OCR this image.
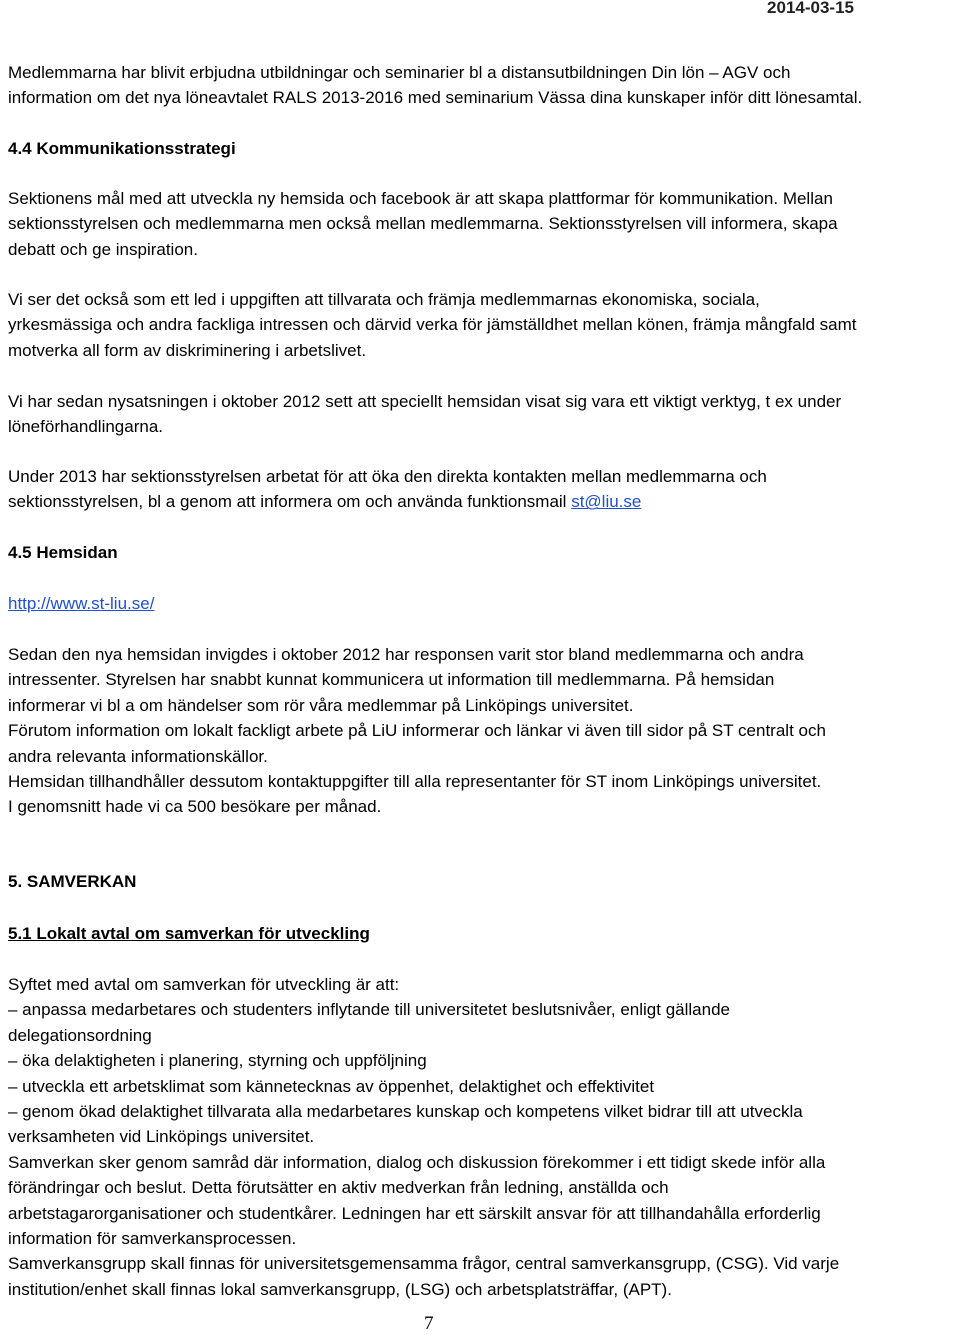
2014-03-15

Medlemmarna har blivit erbjudna utbildningar och seminarier bl a distansutbildningen Din lön – AGV och
information om det nya löneavtalet RALS 2013-2016 med seminarium Vässa dina kunskaper inför ditt lönesamtal.

4.4 Kommunikationsstrategi

Sektionens mål med att utveckla ny hemsida och facebook är att skapa plattformar för kommunikation. Mellan
sektionsstyrelsen och medlemmarna men också mellan medlemmarna. Sektionsstyrelsen vill informera, skapa
debatt och ge inspiration.

Vi ser det också som ett led i uppgiften att tillvarata och främja medlemmarnas ekonomiska, sociala,
yrkesmässiga och andra fackliga intressen och därvid verka för jämställdhet mellan könen, främja mångfald samt
motverka all form av diskriminering i arbetslivet.

Vi har sedan nysatsningen i oktober 2012 sett att speciellt hemsidan visat sig vara ett viktigt verktyg, t ex under
löneförhandlingarna.

Under 2013 har sektionsstyrelsen arbetat för att öka den direkta kontakten mellan medlemmarna och
sektionsstyrelsen, bl a genom att informera om och använda funktionsmail st@liu.se

4.5 Hemsidan

http://www.st-liu.se/

Sedan den nya hemsidan invigdes i oktober 2012 har responsen varit stor bland medlemmarna och andra
intressenter. Styrelsen har snabbt kunnat kommunicera ut information till medlemmarna. På hemsidan
informerar vi bl a om händelser som rör våra medlemmar på Linköpings universitet.
Förutom information om lokalt fackligt arbete på LiU informerar och länkar vi även till sidor på ST centralt och
andra relevanta informationskällor.
Hemsidan tillhandhåller dessutom kontaktuppgifter till alla representanter för ST inom Linköpings universitet.
I genomsnitt hade vi ca 500 besökare per månad.

5. SAMVERKAN

5.1 Lokalt avtal om samverkan för utveckling

Syftet med avtal om samverkan för utveckling är att:
– anpassa medarbetares och studenters inflytande till universitetet beslutsnivåer, enligt gällande
delegationsordning
– öka delaktigheten i planering, styrning och uppföljning
– utveckla ett arbetsklimat som kännetecknas av öppenhet, delaktighet och effektivitet
– genom ökad delaktighet tillvarata alla medarbetares kunskap och kompetens vilket bidrar till att utveckla
verksamheten vid Linköpings universitet.
Samverkan sker genom samråd där information, dialog och diskussion förekommer i ett tidigt skede inför alla
förändringar och beslut. Detta förutsätter en aktiv medverkan från ledning, anställda och
arbetstagarorganisationer och studentkårer. Ledningen har ett särskilt ansvar för att tillhandahålla erforderlig
information för samverkansprocessen.
Samverkansgrupp skall finnas för universitetsgemensamma frågor, central samverkansgrupp, (CSG). Vid varje
institution/enhet skall finnas lokal samverkansgrupp, (LSG) och arbetsplatsträffar, (APT).

7
